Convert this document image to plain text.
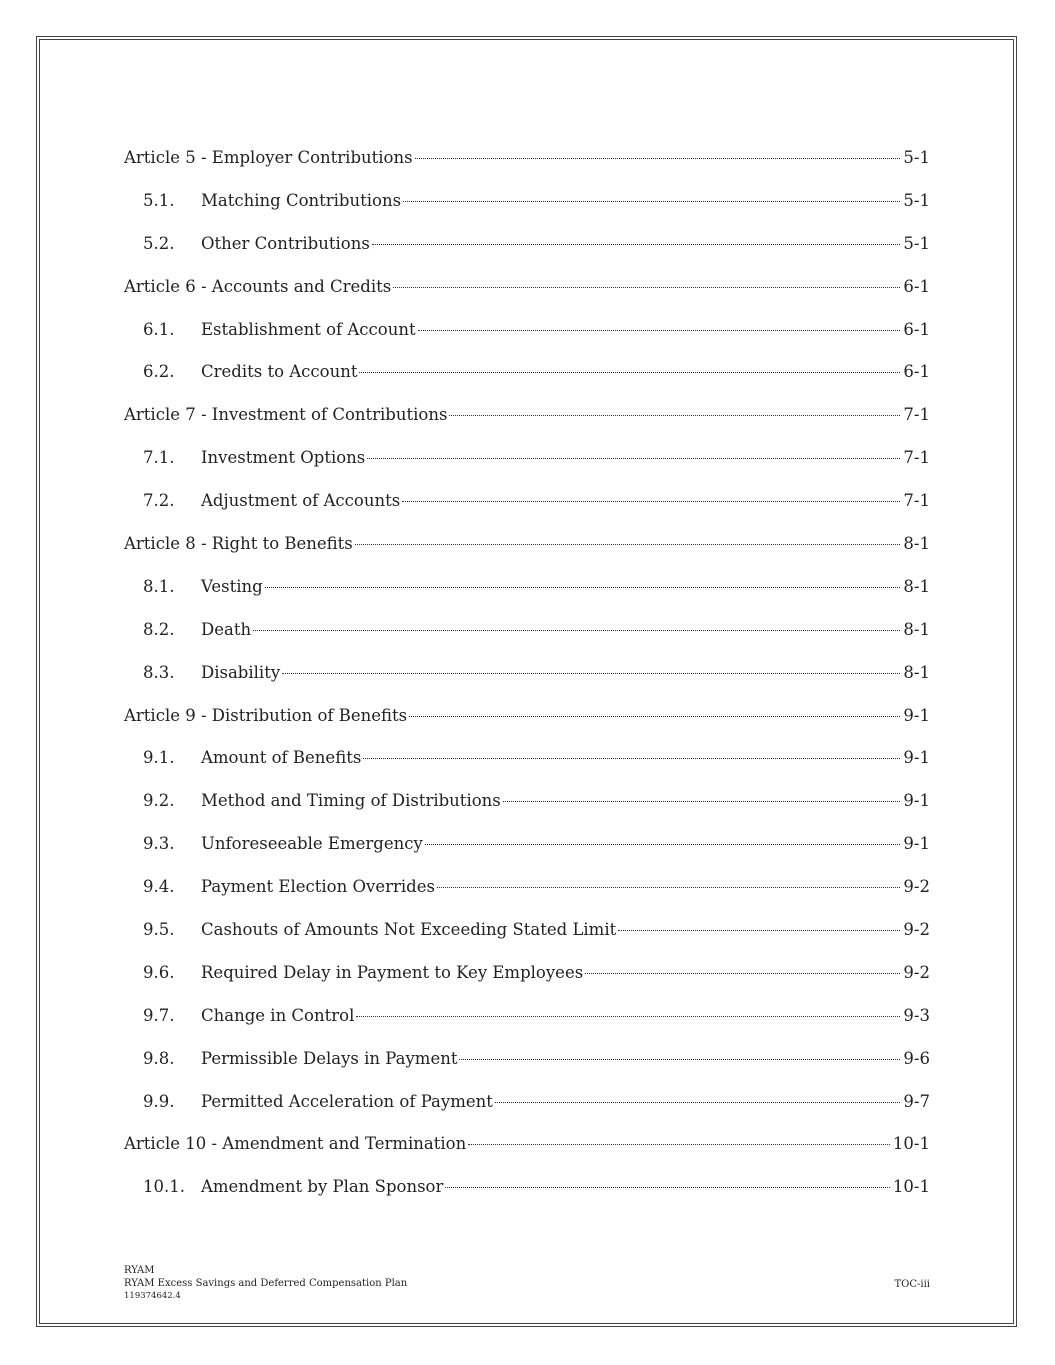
Article 5 - Employer Contributions	5-1
5.1.	Matching Contributions	5-1
5.2.	Other Contributions	5-1
Article 6 - Accounts and Credits	6-1
6.1.	Establishment of Account	6-1
6.2.	Credits to Account	6-1
Article 7 - Investment of Contributions	7-1
7.1.	Investment Options	7-1
7.2.	Adjustment of Accounts	7-1
Article 8 - Right to Benefits	8-1
8.1.	Vesting	8-1
8.2.	Death	8-1
8.3.	Disability	8-1
Article 9 - Distribution of Benefits	9-1
9.1.	Amount of Benefits	9-1
9.2.	Method and Timing of Distributions	9-1
9.3.	Unforeseeable Emergency	9-1
9.4.	Payment Election Overrides	9-2
9.5.	Cashouts of Amounts Not Exceeding Stated Limit	9-2
9.6.	Required Delay in Payment to Key Employees	9-2
9.7.	Change in Control	9-3
9.8.	Permissible Delays in Payment	9-6
9.9.	Permitted Acceleration of Payment	9-7
Article 10 - Amendment and Termination	10-1
10.1. Amendment by Plan Sponsor	10-1
RYAM
RYAM Excess Savings and Deferred Compensation Plan
119374642.4
TOC-iii
